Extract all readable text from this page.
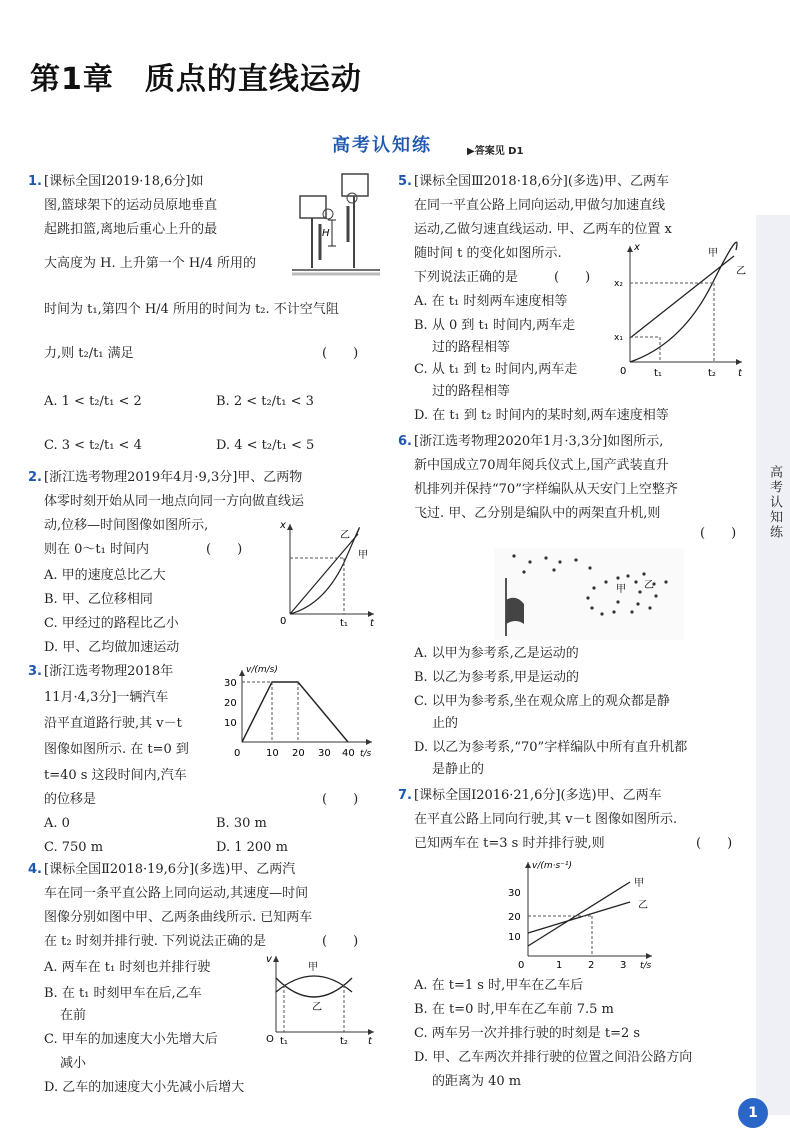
第1章　质点的直线运动
高考认知练	▶答案见 D1
高考认知练
1
1. [课标全国Ⅰ2019·18,6分]如
图,篮球架下的运动员原地垂直
起跳扣篮,离地后重心上升的最
大高度为 H. 上升第一个 H/4 所用的
时间为 t₁,第四个 H/4 所用的时间为 t₂. 不计空气阻
力,则 t₂/t₁ 满足	(　　)
A. 1 < t₂/t₁ < 2	B. 2 < t₂/t₁ < 3
C. 3 < t₂/t₁ < 4	D. 4 < t₂/t₁ < 5
H
2. [浙江选考物理2019年4月·9,3分]甲、乙两物
体零时刻开始从同一地点向同一方向做直线运
动,位移—时间图像如图所示,
则在 0～t₁ 时间内	(　　)
A. 甲的速度总比乙大
B. 甲、乙位移相同
C. 甲经过的路程比乙小
D. 甲、乙均做加速运动
x
t
0	t₁
乙
甲
3. [浙江选考物理2018年
11月·4,3分]一辆汽车
沿平直道路行驶,其 v－t
图像如图所示. 在 t=0 到
t=40 s 这段时间内,汽车
的位移是	(　　)
A. 0	B. 30 m
C. 750 m	D. 1 200 m
v/(m/s)
t/s
30
20
10
0	10 20 30 40
4. [课标全国Ⅱ2018·19,6分](多选)甲、乙两汽
车在同一条平直公路上同向运动,其速度—时间
图像分别如图中甲、乙两条曲线所示. 已知两车
在 t₂ 时刻并排行驶. 下列说法正确的是	(　　)
A. 两车在 t₁ 时刻也并排行驶
B. 在 t₁ 时刻甲车在后,乙车
在前
C. 甲车的加速度大小先增大后
减小
D. 乙车的加速度大小先减小后增大
v
t
O t₁	t₂
甲
乙
5. [课标全国Ⅲ2018·18,6分](多选)甲、乙两车
在同一平直公路上同向运动,甲做匀加速直线
运动,乙做匀速直线运动. 甲、乙两车的位置 x
随时间 t 的变化如图所示.
下列说法正确的是	(　　)
A. 在 t₁ 时刻两车速度相等
B. 从 0 到 t₁ 时间内,两车走
过的路程相等
C. 从 t₁ 到 t₂ 时间内,两车走
过的路程相等
D. 在 t₁ 到 t₂ 时间内的某时刻,两车速度相等
x
t
0
x₁
x₂
t₁	t₂
甲
乙
6. [浙江选考物理2020年1月·3,3分]如图所示,
新中国成立70周年阅兵仪式上,国产武装直升
机排列并保持“70”字样编队从天安门上空整齐
飞过. 甲、乙分别是编队中的两架直升机,则
(　　)
甲 乙
A. 以甲为参考系,乙是运动的
B. 以乙为参考系,甲是运动的
C. 以甲为参考系,坐在观众席上的观众都是静
止的
D. 以乙为参考系,“70”字样编队中所有直升机都
是静止的
7. [课标全国Ⅰ2016·21,6分](多选)甲、乙两车
在平直公路上同向行驶,其 v－t 图像如图所示.
已知两车在 t=3 s 时并排行驶,则	(　　)
v/(m·s⁻¹)
t/s
30
20
10
0	1	2	3
甲
乙
A. 在 t=1 s 时,甲车在乙车后
B. 在 t=0 时,甲车在乙车前 7.5 m
C. 两车另一次并排行驶的时刻是 t=2 s
D. 甲、乙车两次并排行驶的位置之间沿公路方向
的距离为 40 m
